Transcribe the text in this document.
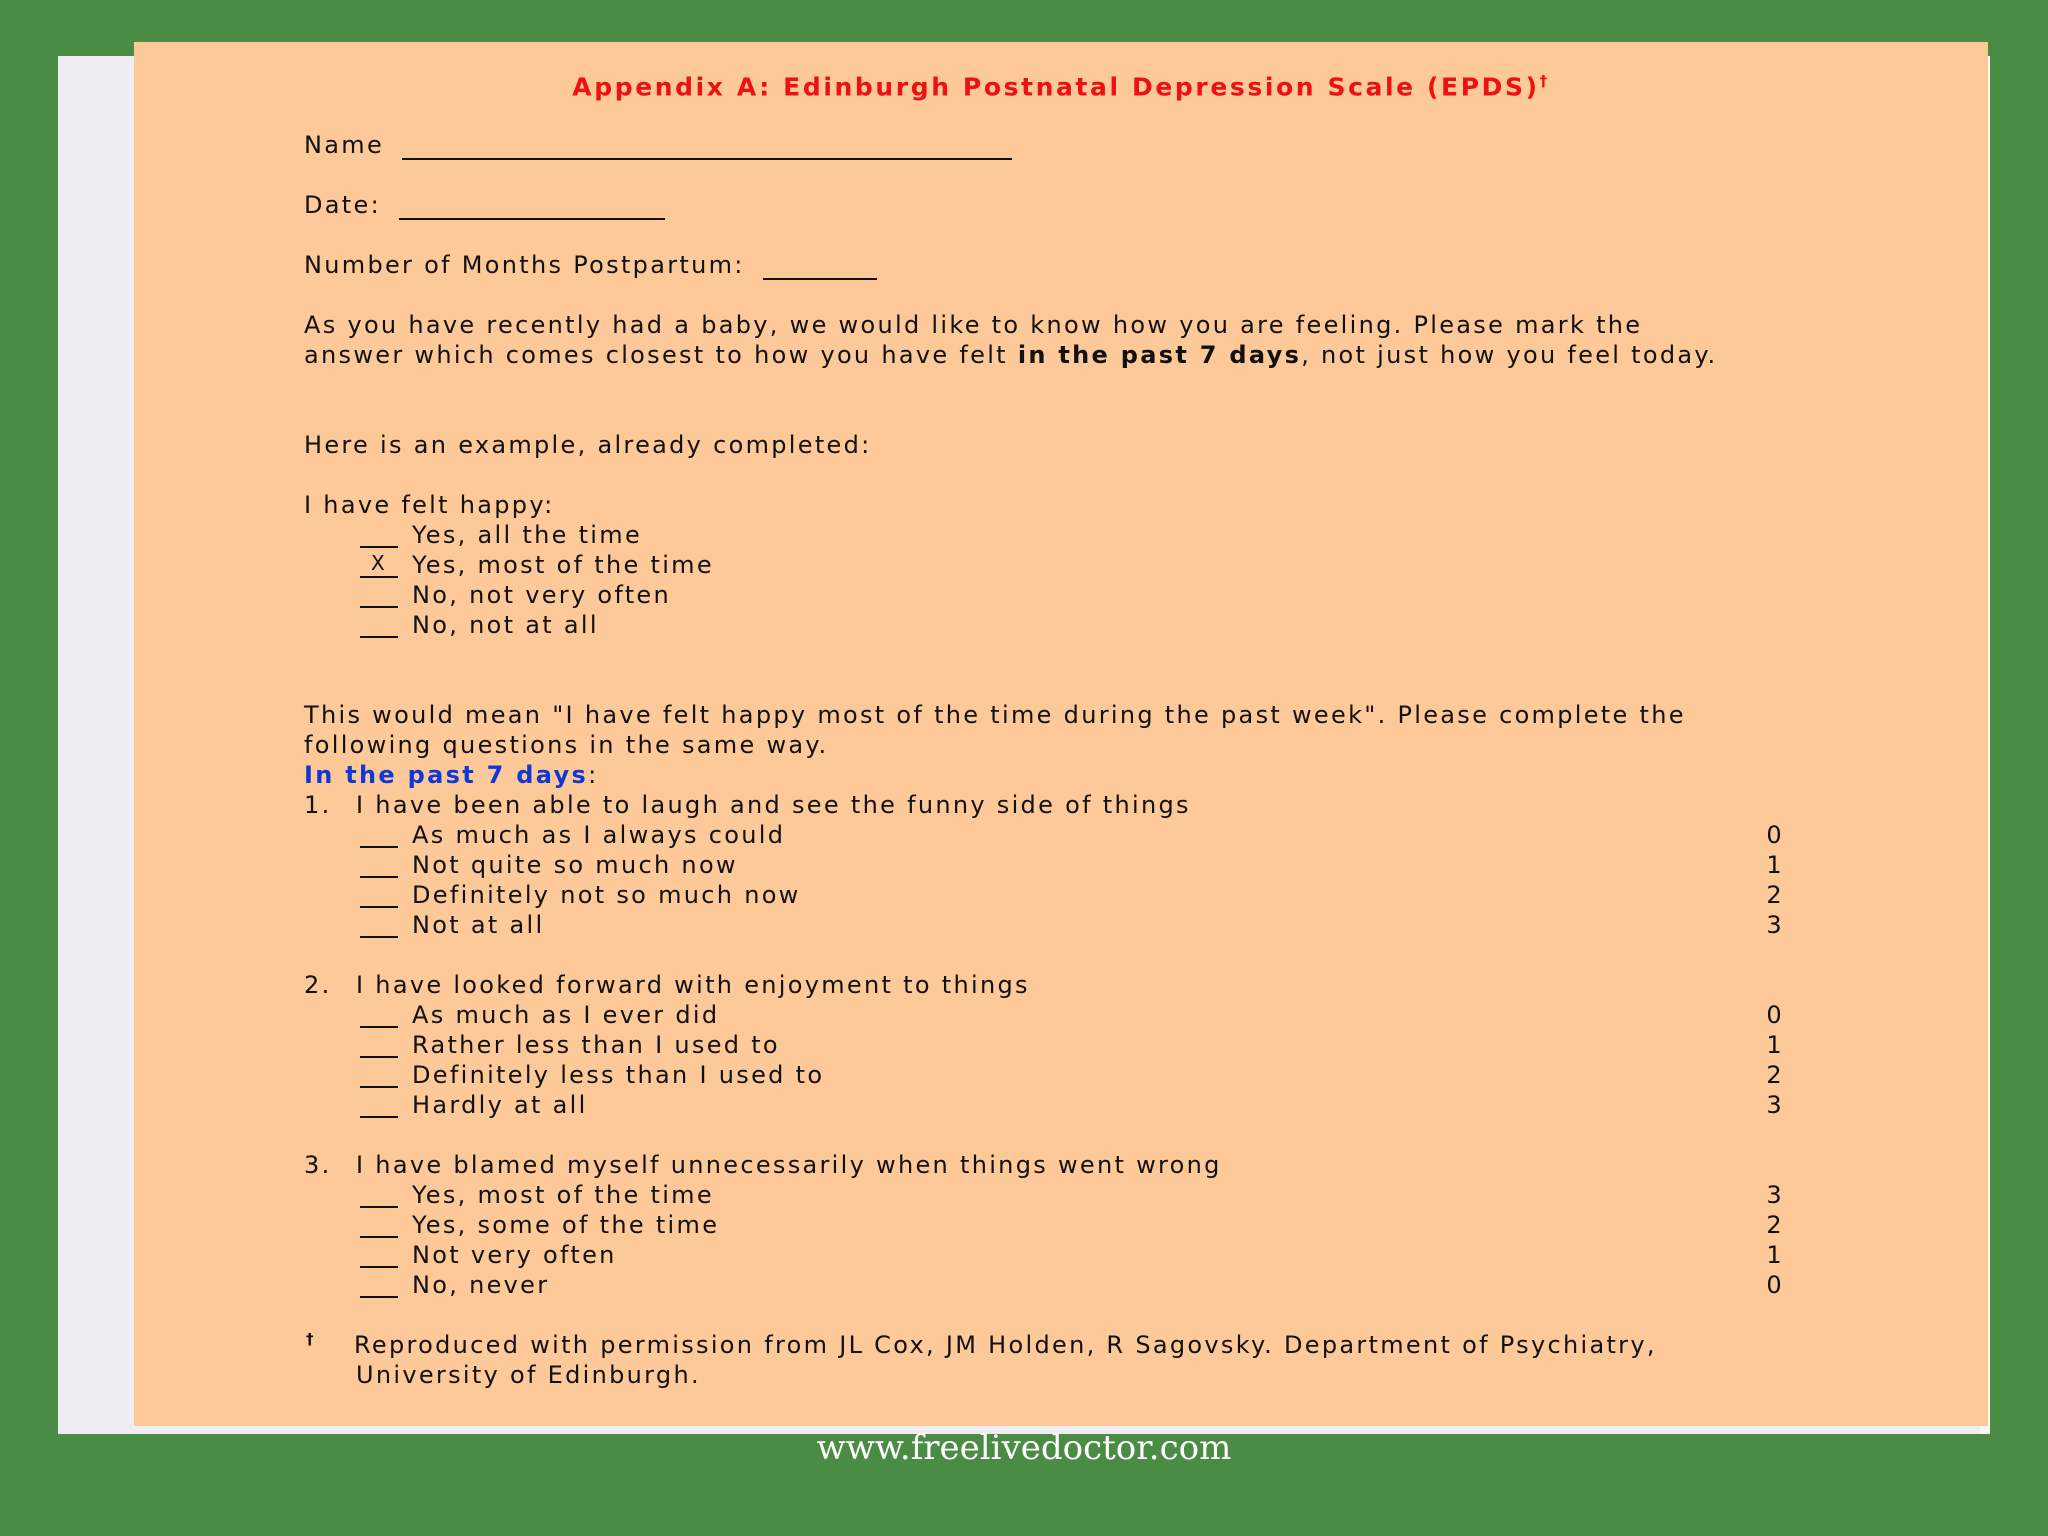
Appendix A: Edinburgh Postnatal Depression Scale (EPDS)†
Name
Date:
Number of Months Postpartum:
As you have recently had a baby, we would like to know how you are feeling. Please mark the answer which comes closest to how you have felt in the past 7 days, not just how you feel today.
Here is an example, already completed:
I have felt happy:
Yes, all the time
X	Yes, most of the time
No, not very often
No, not at all
This would mean "I have felt happy most of the time during the past week". Please complete the following questions in the same way.
In the past 7 days:
1. I have been able to laugh and see the funny side of things
As much as I always could	0
Not quite so much now	1
Definitely not so much now	2
Not at all	3
2. I have looked forward with enjoyment to things
As much as I ever did	0
Rather less than I used to	1
Definitely less than I used to	2
Hardly at all	3
3. I have blamed myself unnecessarily when things went wrong
Yes, most of the time	3
Yes, some of the time	2
Not very often	1
No, never	0
† Reproduced with permission from JL Cox, JM Holden, R Sagovsky. Department of Psychiatry,
University of Edinburgh.
www.freelivedoctor.com
